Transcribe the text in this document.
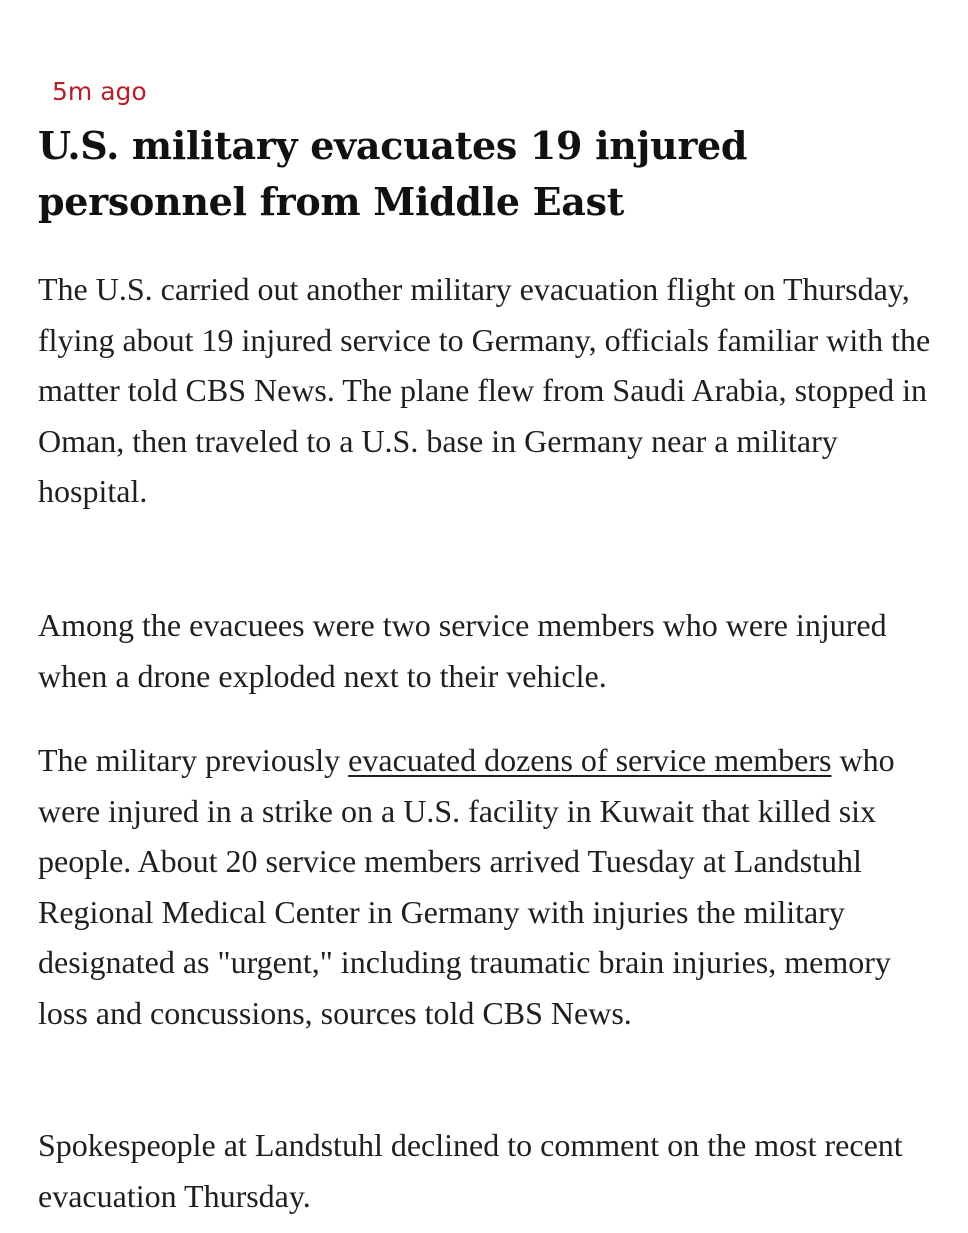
5m ago
U.S. military evacuates 19 injured personnel from Middle East

The U.S. carried out another military evacuation flight on Thursday, flying about 19 injured service to Germany, officials familiar with the matter told CBS News. The plane flew from Saudi Arabia, stopped in Oman, then traveled to a U.S. base in Germany near a military hospital.

Among the evacuees were two service members who were injured when a drone exploded next to their vehicle.

The military previously evacuated dozens of service members who were injured in a strike on a U.S. facility in Kuwait that killed six people. About 20 service members arrived Tuesday at Landstuhl Regional Medical Center in Germany with injuries the military designated as "urgent," including traumatic brain injuries, memory loss and concussions, sources told CBS News.

Spokespeople at Landstuhl declined to comment on the most recent evacuation Thursday.
